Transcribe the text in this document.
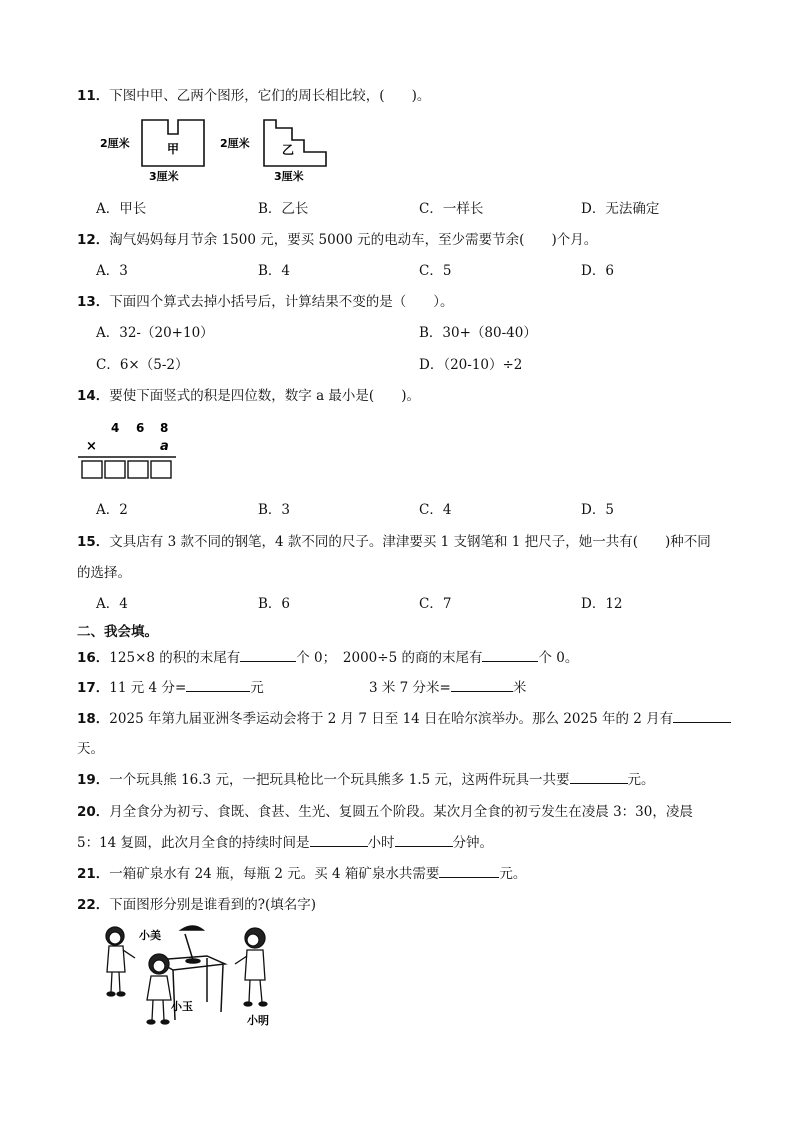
11．下图中甲、乙两个图形，它们的周长相比较，(　　)。
2厘米
3厘米
甲	2厘米
3厘米
乙
A．甲长	B．乙长	C．一样长	D．无法确定
12．淘气妈妈每月节余 1500 元，要买 5000 元的电动车，至少需要节余(　　)个月。
A．3	B．4	C．5	D．6
13．下面四个算式去掉小括号后，计算结果不变的是（　　）。
A．32-（20+10）	B．30+（80-40）
C．6×（5-2）	D．（20-10）÷2
14．要使下面竖式的积是四位数，数字 a 最小是(　　)。
4 6 8
×	a
A．2	B．3	C．4	D．5
15．文具店有 3 款不同的钢笔，4 款不同的尺子。津津要买 1 支钢笔和 1 把尺子，她一共有(　　)种不同
的选择。
A．4	B．6	C．7	D．12
二、我会填。
16．125×8 的积的末尾有	个 0；　2000÷5 的商的末尾有	个 0。
17．11 元 4 分=	元	3 米 7 分米=	米
18．2025 年第九届亚洲冬季运动会将于 2 月 7 日至 14 日在哈尔滨举办。那么 2025 年的 2 月有
天。
19．一个玩具熊 16.3 元，一把玩具枪比一个玩具熊多 1.5 元，这两件玩具一共要	元。
20．月全食分为初亏、食既、食甚、生光、复圆五个阶段。某次月全食的初亏发生在凌晨 3：30，凌晨
5：14 复圆，此次月全食的持续时间是	小时	分钟。
21．一箱矿泉水有 24 瓶，每瓶 2 元。买 4 箱矿泉水共需要	元。
22．下面图形分别是谁看到的?(填名字)
小美
小玉
小明
